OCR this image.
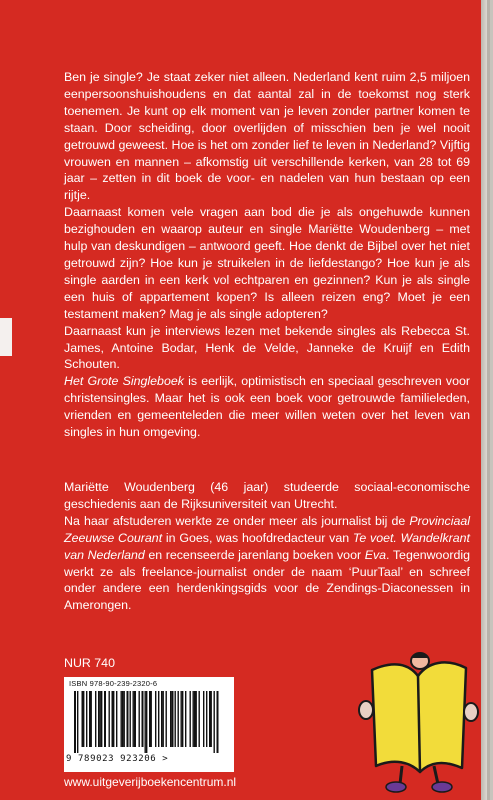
Ben je single? Je staat zeker niet alleen. Nederland kent ruim 2,5 miljoen eenpersoonshuishoudens en dat aantal zal in de toekomst nog sterk toenemen. Je kunt op elk moment van je leven zonder partner komen te staan. Door scheiding, door overlijden of misschien ben je wel nooit getrouwd geweest. Hoe is het om zonder lief te leven in Nederland? Vijftig vrouwen en mannen – afkomstig uit verschillende kerken, van 28 tot 69 jaar – zetten in dit boek de voor- en nadelen van hun bestaan op een rijtje.

Daarnaast komen vele vragen aan bod die je als ongehuwde kunnen bezighouden en waarop auteur en single Mariëtte Woudenberg – met hulp van deskundigen – antwoord geeft. Hoe denkt de Bijbel over het niet getrouwd zijn? Hoe kun je struikelen in de liefdestango? Hoe kun je als single aarden in een kerk vol echtparen en gezinnen? Kun je als single een huis of appartement kopen? Is alleen reizen eng? Moet je een testament maken? Mag je als single adopteren?

Daarnaast kun je interviews lezen met bekende singles als Rebecca St. James, Antoine Bodar, Henk de Velde, Janneke de Kruijf en Edith Schouten.

Het Grote Singleboek is eerlijk, optimistisch en speciaal geschreven voor christensingles. Maar het is ook een boek voor getrouwde familieleden, vrienden en gemeenteleden die meer willen weten over het leven van singles in hun omgeving.

Mariëtte Woudenberg (46 jaar) studeerde sociaal-economische geschiedenis aan de Rijksuniversiteit van Utrecht.

Na haar afstuderen werkte ze onder meer als journalist bij de Provinciaal Zeeuwse Courant in Goes, was hoofdredacteur van Te voet. Wandelkrant van Nederland en recenseerde jarenlang boeken voor Eva. Tegenwoordig werkt ze als freelance-journalist onder de naam ‘PuurTaal’ en schreef onder andere een herdenkingsgids voor de Zendings-Diaconessen in Amerongen.

NUR 740
ISBN 978-90-239-2320-6
9 789023 923206 >
www.uitgeverijboekencentrum.nl
